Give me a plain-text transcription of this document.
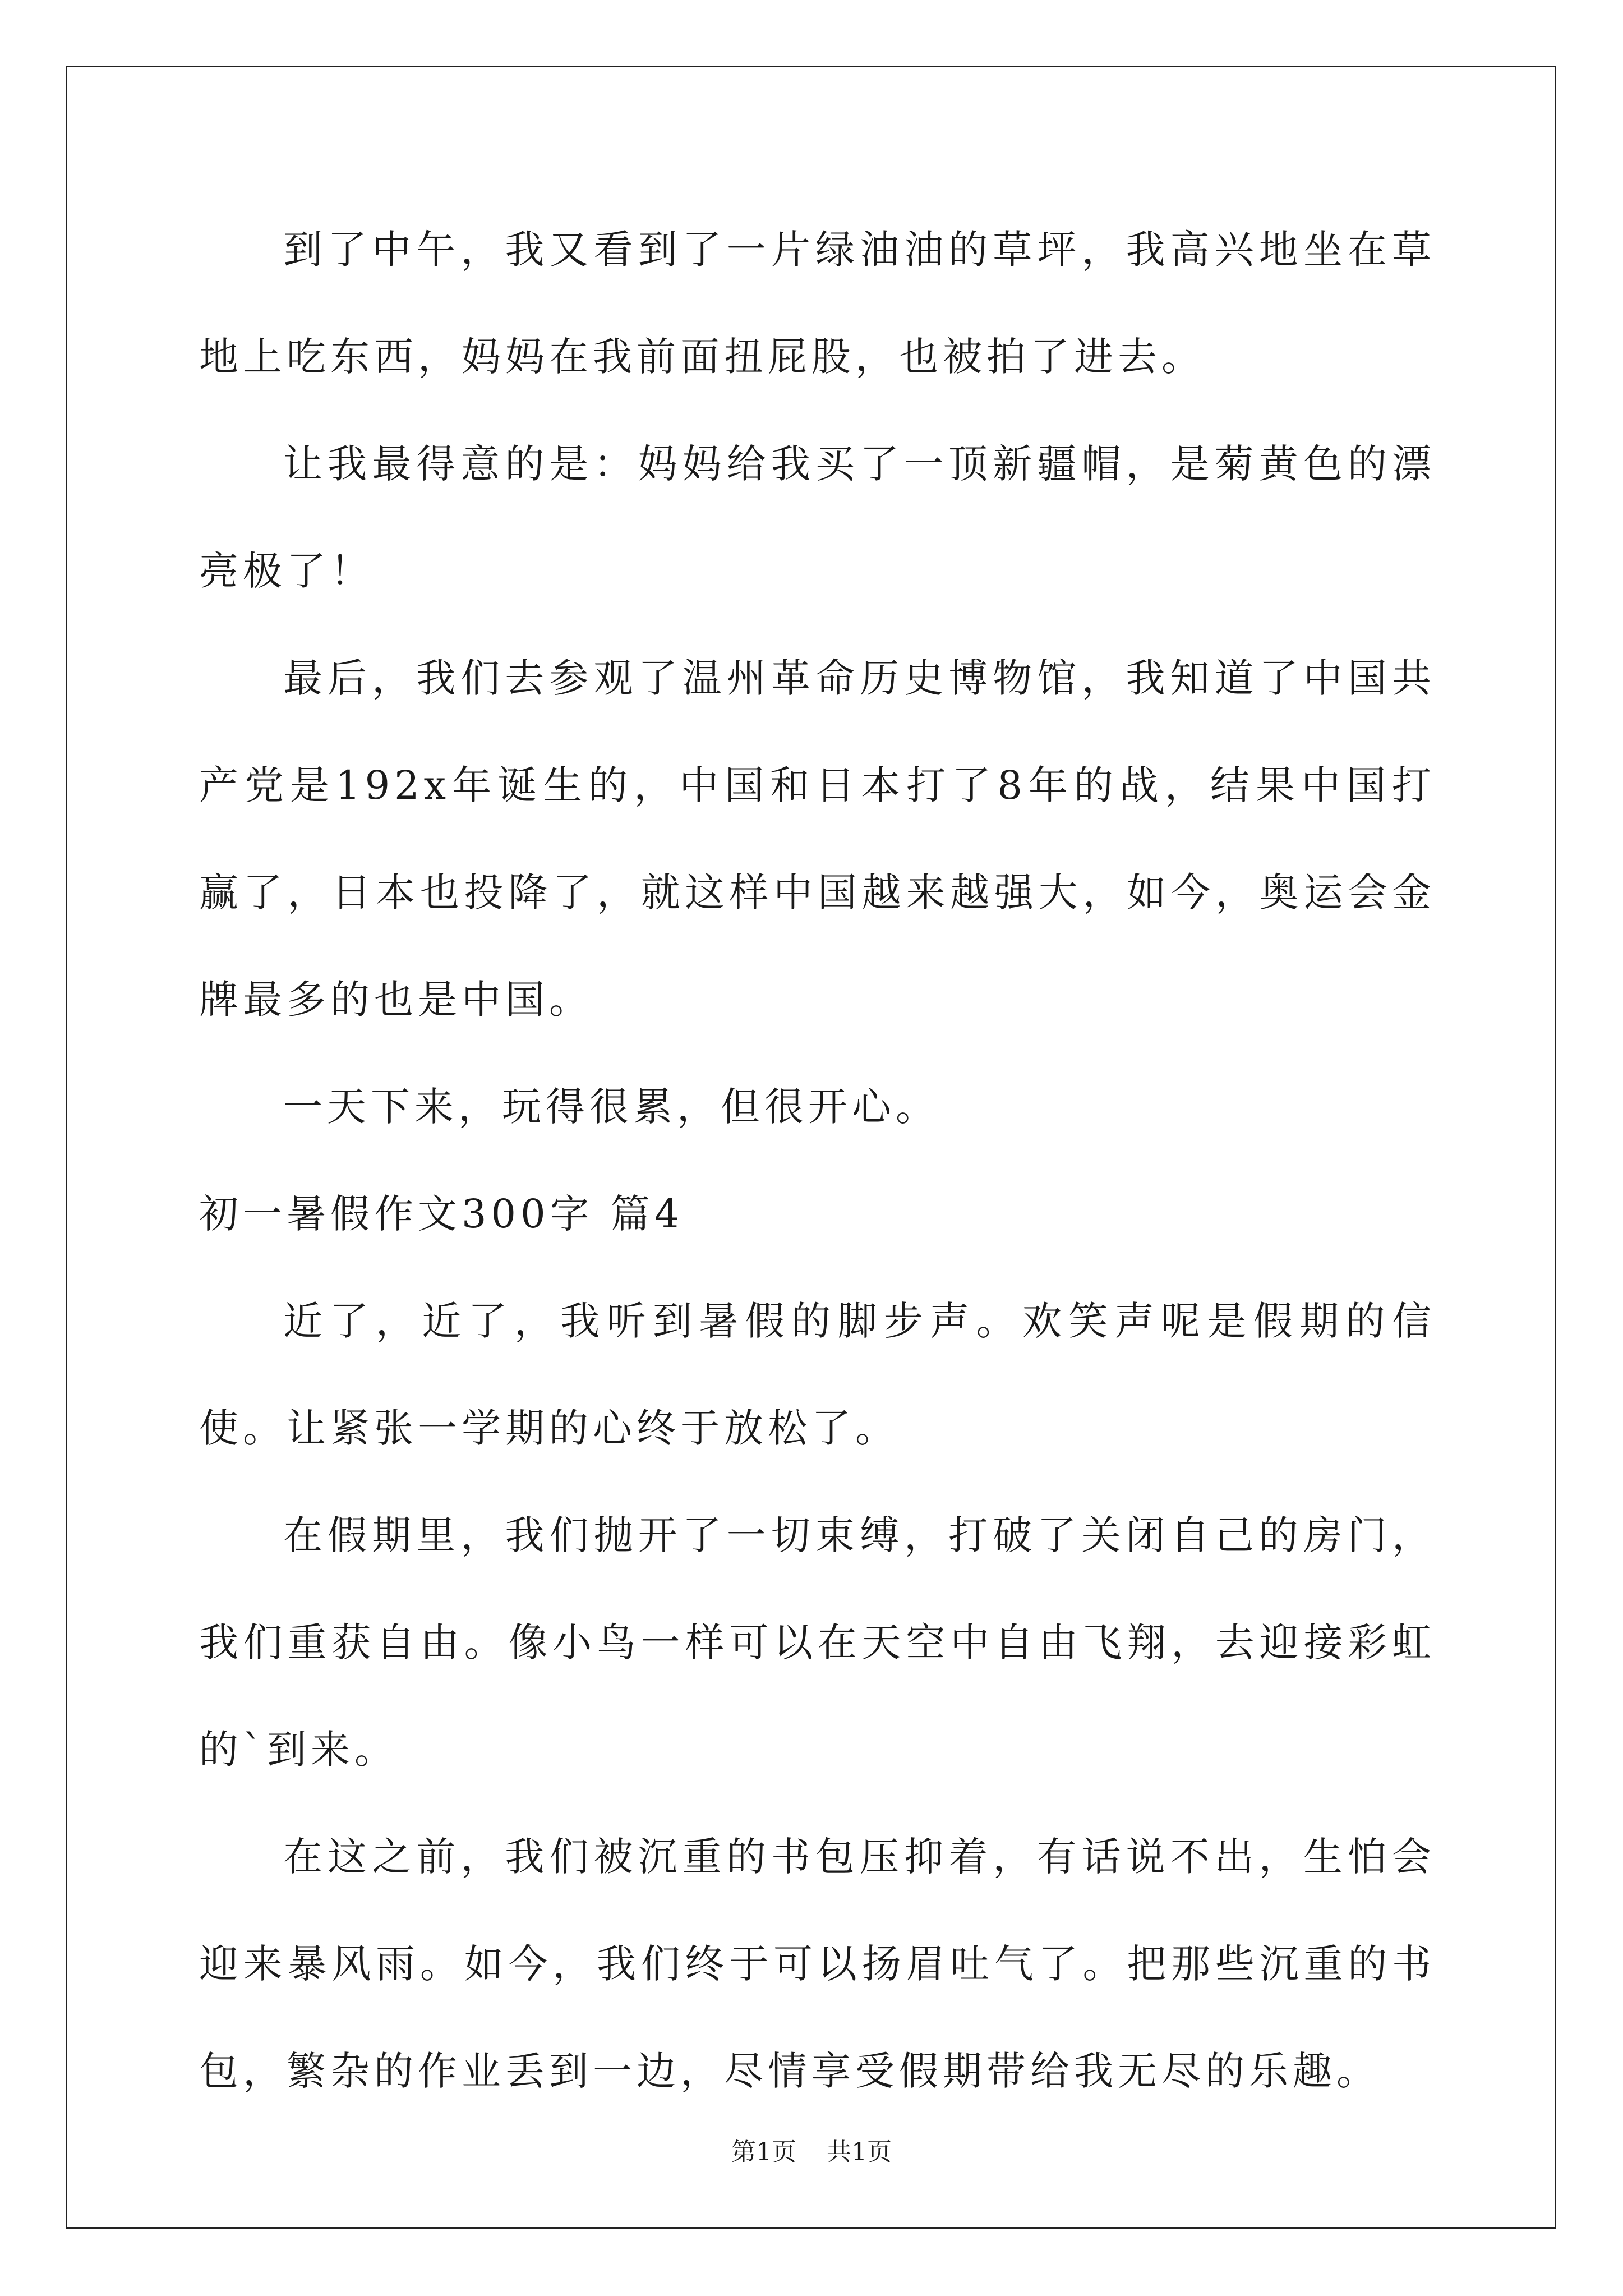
到了中午，我又看到了一片绿油油的草坪，我高兴地坐在草地上吃东西，妈妈在我前面扭屁股，也被拍了进去。

让我最得意的是：妈妈给我买了一顶新疆帽，是菊黄色的漂亮极了！

最后，我们去参观了温州革命历史博物馆，我知道了中国共产党是192x年诞生的，中国和日本打了8年的战，结果中国打赢了，日本也投降了，就这样中国越来越强大，如今，奥运会金牌最多的也是中国。

一天下来，玩得很累，但很开心。

初一暑假作文300字 篇4

近了，近了，我听到暑假的脚步声。欢笑声呢是假期的信使。让紧张一学期的心终于放松了。

在假期里，我们抛开了一切束缚，打破了关闭自己的房门，我们重获自由。像小鸟一样可以在天空中自由飞翔，去迎接彩虹的`到来。

在这之前，我们被沉重的书包压抑着，有话说不出，生怕会迎来暴风雨。如今，我们终于可以扬眉吐气了。把那些沉重的书包，繁杂的作业丢到一边，尽情享受假期带给我无尽的乐趣。

第1页 共1页
